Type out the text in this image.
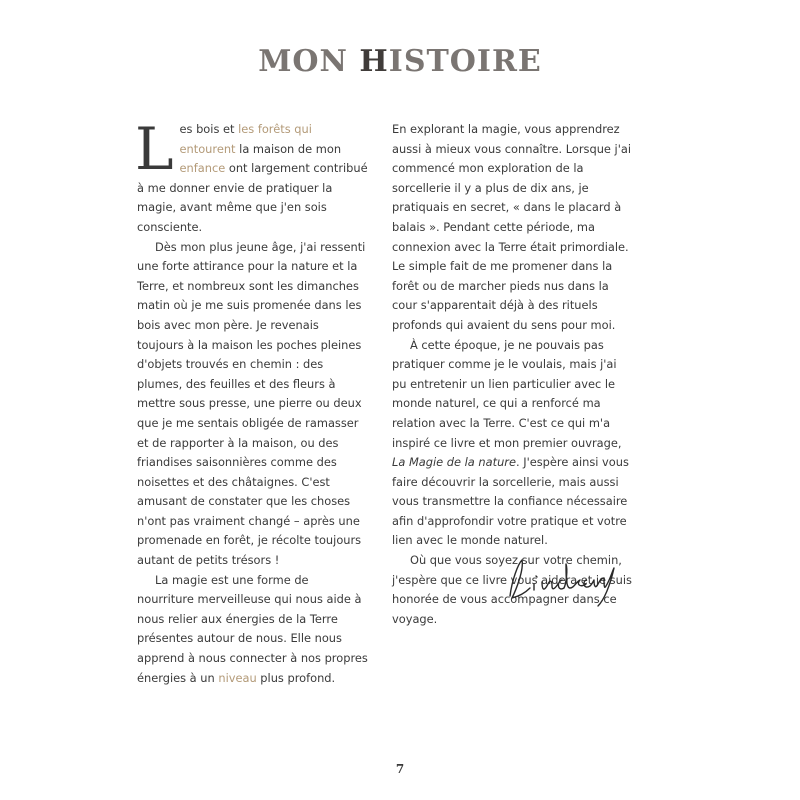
MON HISTOIRE

Les bois et les forêts qui entourent la maison de mon enfance ont largement contribué à me donner envie de pratiquer la magie, avant même que j'en sois consciente.

Dès mon plus jeune âge, j'ai ressenti une forte attirance pour la nature et la Terre, et nombreux sont les dimanches matin où je me suis promenée dans les bois avec mon père. Je revenais toujours à la maison les poches pleines d'objets trouvés en chemin : des plumes, des feuilles et des fleurs à mettre sous presse, une pierre ou deux que je me sentais obligée de ramasser et de rapporter à la maison, ou des friandises saisonnières comme des noisettes et des châtaignes. C'est amusant de constater que les choses n'ont pas vraiment changé – après une promenade en forêt, je récolte toujours autant de petits trésors !

La magie est une forme de nourriture merveilleuse qui nous aide à nous relier aux énergies de la Terre présentes autour de nous. Elle nous apprend à nous connecter à nos propres énergies à un niveau plus profond.

En explorant la magie, vous apprendrez aussi à mieux vous connaître. Lorsque j'ai commencé mon exploration de la sorcellerie il y a plus de dix ans, je pratiquais en secret, « dans le placard à balais ». Pendant cette période, ma connexion avec la Terre était primordiale. Le simple fait de me promener dans la forêt ou de marcher pieds nus dans la cour s'apparentait déjà à des rituels profonds qui avaient du sens pour moi.

À cette époque, je ne pouvais pas pratiquer comme je le voulais, mais j'ai pu entretenir un lien particulier avec le monde naturel, ce qui a renforcé ma relation avec la Terre. C'est ce qui m'a inspiré ce livre et mon premier ouvrage, La Magie de la nature. J'espère ainsi vous faire découvrir la sorcellerie, mais aussi vous transmettre la confiance nécessaire afin d'approfondir votre pratique et votre lien avec le monde naturel.

Où que vous soyez sur votre chemin, j'espère que ce livre vous aidera et je suis honorée de vous accompagner dans ce voyage.

7
